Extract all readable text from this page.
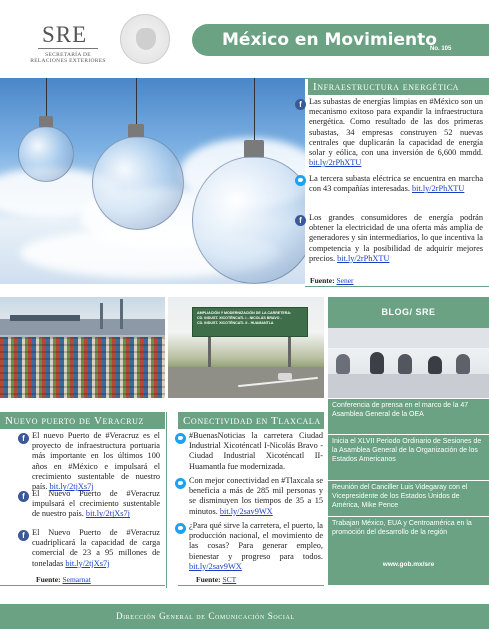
SRE
SECRETARÍA DE RELACIONES EXTERIORES
México en Movimiento
No. 105
Infraestructura energética
f Las subastas de energías limpias en #México son un mecanismo exitoso para expandir la infraestructura energética. Como resultado de las dos primeras subastas, 34 empresas construyen 52 nuevas centrales que duplicarán la capacidad de energía solar y eólica, con una inversión de 6,600 mmdd. bit.ly/2rPhXTU
La tercera subasta eléctrica se encuentra en marcha con 43 compañías interesadas. bit.ly/2rPhXTU
f Los grandes consumidores de energía podrán obtener la electricidad de una oferta más amplia de generadores y sin intermediarios, lo que incentiva la competencia y la posibilidad de adquirir mejores precios. bit.ly/2rPhXTU
Fuente: Sener
AMPLIACIÓN Y MODERNIZACIÓN DE LA CARRETERA:
CD. INDUST. XICOTÉNCATL I - NICOLÁS BRAVO -
CD. INDUST. XICOTÉNCATL II - HUAMANTLA
BLOG/ SRE
Conferencia de prensa en el marco de la 47 Asamblea General de la OEA
Inicia el XLVII Periodo Ordinario de Sesiones de la Asamblea General de la Organización de los Estados Americanos
Reunión del Canciller Luis Videgaray con el Vicepresidente de los Estados Unidos de América, Mike Pence
Trabajan México, EUA y Centroamérica en la promoción del desarrollo de la región
www.gob.mx/sre
Nuevo puerto de Veracruz
f El nuevo Puerto de #Veracruz es el proyecto de infraestructura portuaria más importante en los últimos 100 años en #México e impulsará el crecimiento sustentable de nuestro país. bit.ly/2tjXs7j
f El Nuevo Puerto de #Veracruz impulsará el crecimiento sustentable de nuestro país. bit.ly/2tjXs7j
f El Nuevo Puerto de #Veracruz cuadriplicará la capacidad de carga comercial de 23 a 95 millones de toneladas bit.ly/2tjXs7j
Fuente: Semarnat
Conectividad en Tlaxcala
#BuenasNoticias la carretera Ciudad Industrial Xicoténcatl I-Nicolás Bravo -Ciudad Industrial Xicoténcatl II-Huamantla fue modernizada.
Con mejor conectividad en #Tlaxcala se beneficia a más de 285 mil personas y se disminuyen los tiempos de 35 a 15 minutos. bit.ly/2sav9WX
¿Para qué sirve la carretera, el puerto, la producción nacional, el movimiento de las cosas? Para generar empleo, bienestar y progreso para todos. bit.ly/2sav9WX
Fuente: SCT
Dirección General de Comunicación Social
